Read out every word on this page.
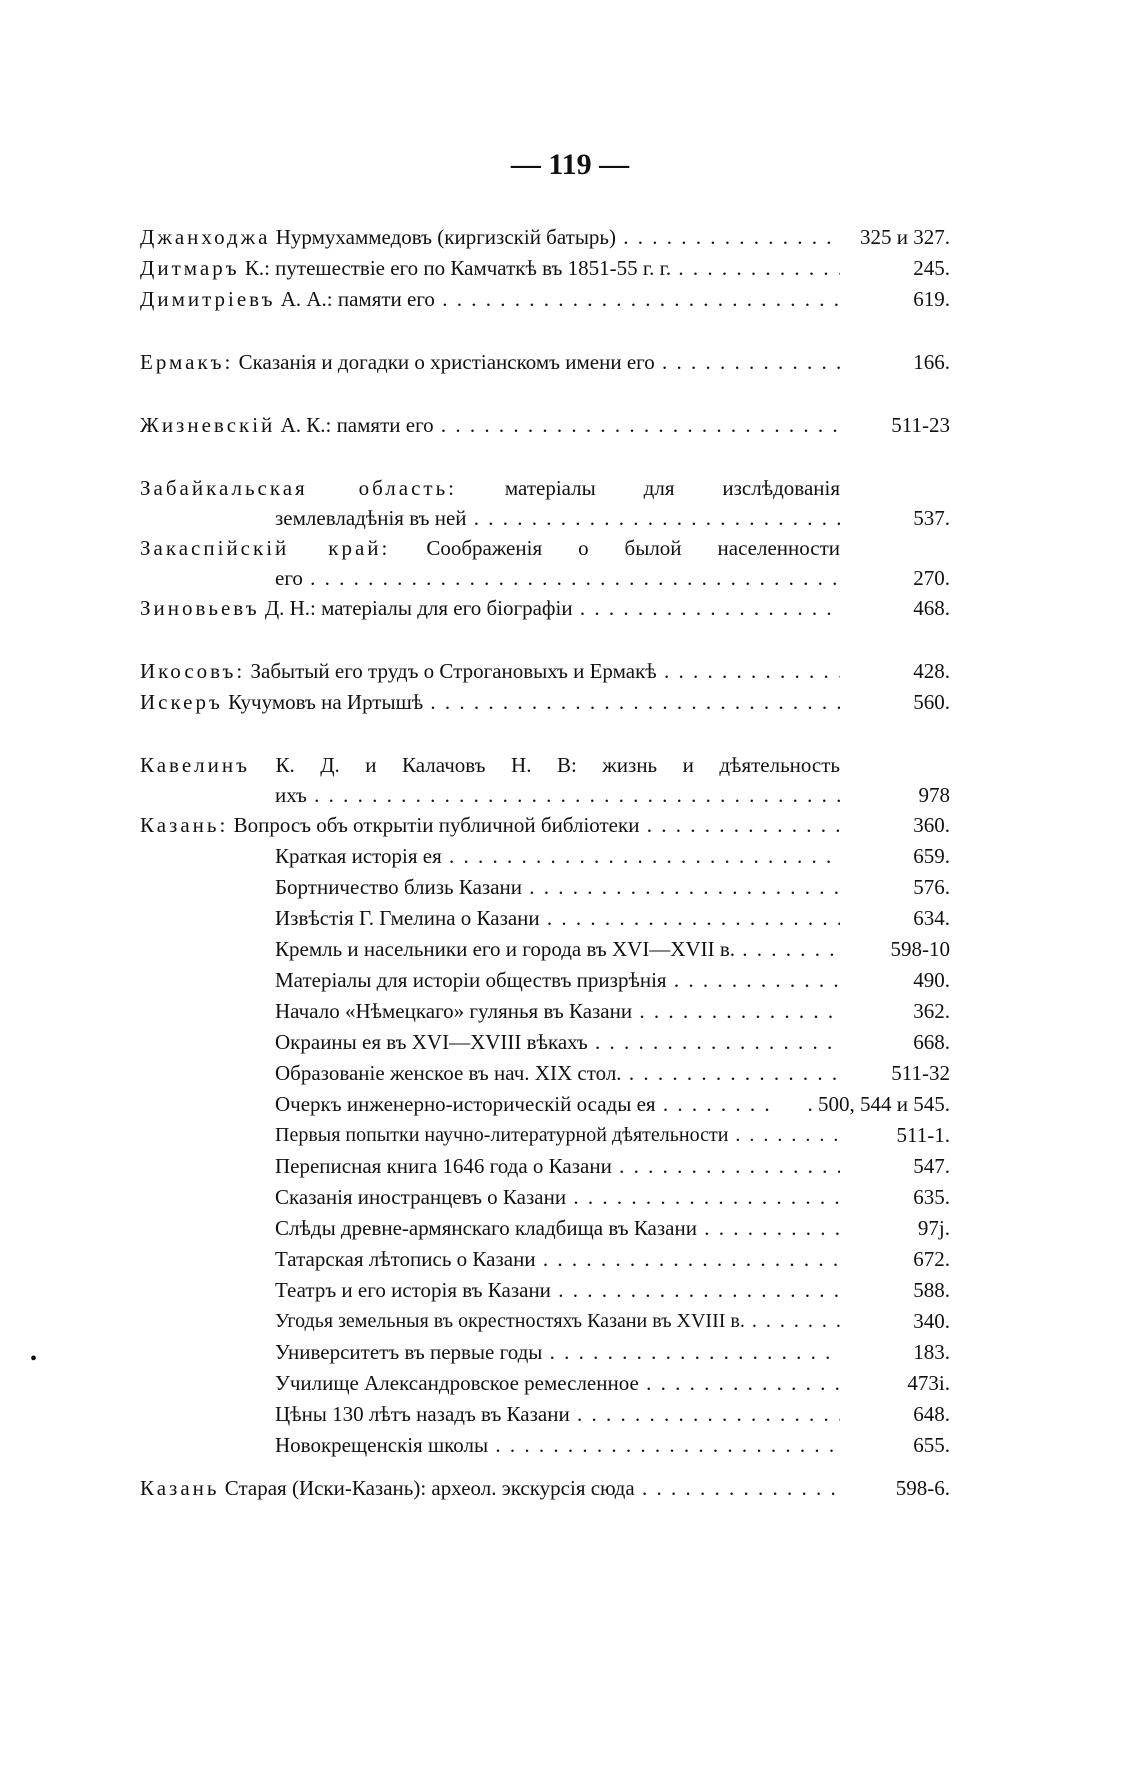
— 119 —
Джанходжа Нурмухаммедовъ (киргизскій батырь) . . .	325 и 327.
Дитмаръ К.: путешествіе его по Камчаткѣ въ 1851-55 г. г. . . .	245.
Димитріевъ А. А.: памяти его . . .	619.
Ермакъ: Сказанія и догадки о христіанскомъ имени его . . .	166.
Жизневскій А. К.: памяти его . . .	511-23
Забайкальская область: матеріалы для изслѣдованія
землевладѣнія въ ней . . .	537.
Закаспійскій край: Соображенія о былой населенности
его . . .	270.
Зиновьевъ Д. Н.: матеріалы для его біографіи . . .	468.
Икосовъ: Забытый его трудъ о Строгановыхъ и Ермакѣ . . .	428.
Искеръ Кучумовъ на Иртышѣ . . .	560.
Кавелинъ К. Д. и Калачовъ Н. В: жизнь и дѣятельность
ихъ . . .	978
Казань: Вопросъ объ открытіи публичной библіотеки . . .	360.
Краткая исторія ея . . .	659.
Бортничество близь Казани . . .	576.
Извѣстія Г. Гмелина о Казани . . .	634.
Кремль и насельники его и города въ XVI—XVII в. . . .	598-10
Матеріалы для исторіи обществъ призрѣнія . . .	490.
Начало «Нѣмецкаго» гулянья въ Казани . . .	362.
Окраины ея въ XVI—XVIII вѣкахъ . . .	668.
Образованіе женское въ нач. XIX стол. . . .	511-32
Очеркъ инженерно-историческій осады ея . . .	. 500, 544 и 545.
Первыя попытки научно-литературной дѣятельности . . .	511-1.
Переписная книга 1646 года о Казани . . .	547.
Сказанія иностранцевъ о Казани . . .	635.
Слѣды древне-армянскаго кладбища въ Казани . . .	97j.
Татарская лѣтопись о Казани . . .	672.
Театръ и его исторія въ Казани . . .	588.
Угодья земельныя въ окрестностяхъ Казани въ XVIII в. . . .	340.
Университетъ въ первые годы . . .	183.
Училище Александровское ремесленное . . .	473i.
Цѣны 130 лѣтъ назадъ въ Казани . . .	648.
Новокрещенскія школы . . .	655.
Казань Старая (Иски-Казань): археол. экскурсія сюда . . .	598-6.
•
